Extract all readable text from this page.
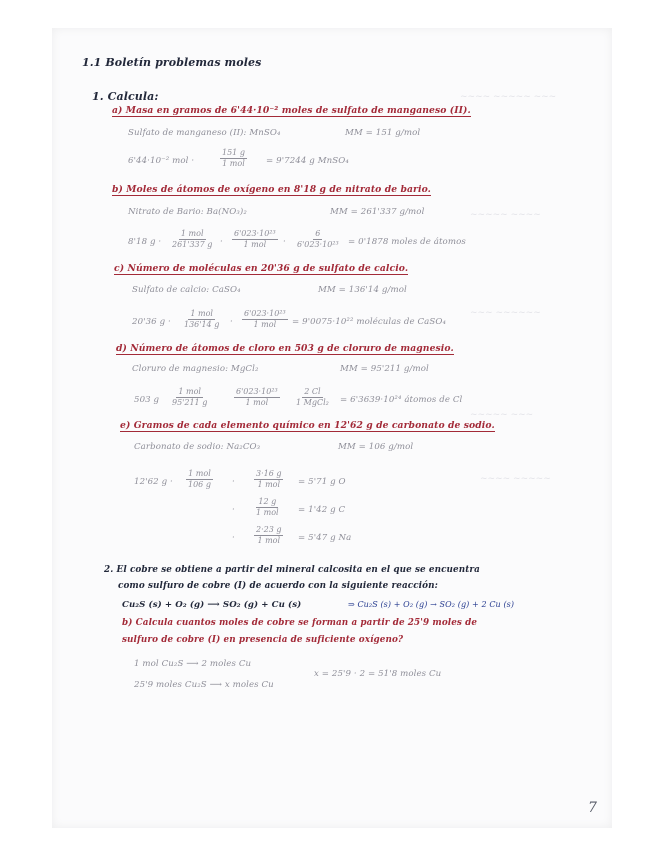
~~~~ ~~~~~ ~~~
~~~~~ ~~~~
~~~ ~~~~~~
~~~~~ ~~~
~~~~ ~~~~~
1.1 Boletín problemas moles
1. Calcula:
a) Masa en gramos de 6'44·10⁻² moles de sulfato de manganeso (II).
Sulfato de manganeso (II): MnSO₄	MM = 151 g/mol
6'44·10⁻² mol ·
151 g
1 mol = 9'7244 g MnSO₄
b) Moles de átomos de oxígeno en 8'18 g de nitrato de bario.
Nitrato de Bario: Ba(NO₃)₂	MM = 261'337 g/mol
8'18 g ·
1 mol
261'337 g ·
6'023·10²³
1 mol · $\frac{6}{\text{6'023·10²³}} = 0'1878$ moles de átomos
c) Número de moléculas en 20'36 g de sulfato de calcio.
Sulfato de calcio: CaSO₄	MM = 136'14 g/mol
20'36 g ·
1 mol
136'14 g ·
6'023·10²³
1 mol = 9'0075·10²² moléculas de CaSO₄
d) Número de átomos de cloro en 503 g de cloruro de magnesio.
Cloruro de magnesio: MgCl₂	MM = 95'211 g/mol
503 g
1 mol
95'211 g
6'023·10²³
1 mol
2 Cl
1 MgCl₂ = 6'3639·10²⁴ átomos de Cl
e) Gramos de cada elemento químico en 12'62 g de carbonato de sodio.
Carbonato de sodio: Na₂CO₃	MM = 106 g/mol
12'62 g ·
1 mol
106 g ·
3·16 g
1 mol = 5'71 g O
·
12 g
1 mol = 1'42 g C
·
2·23 g
1 mol = 5'47 g Na
2. El cobre se obtiene a partir del mineral calcosita en el que se encuentra
como sulfuro de cobre (I) de acuerdo con la siguiente reacción:
Cu₂S (s) + O₂ (g) ⟶ SO₂ (g) + Cu (s)	⇒ Cu₂S (s) + O₂ (g) → SO₂ (g) + 2 Cu (s)
b) Calcula cuantos moles de cobre se forman a partir de 25'9 moles de
sulfuro de cobre (I) en presencia de suficiente oxígeno?
1 mol Cu₂S ⟶ 2 moles Cu
25'9 moles Cu₂S ⟶ x moles Cu
x = 25'9 · 2 = 51'8 moles Cu
7
